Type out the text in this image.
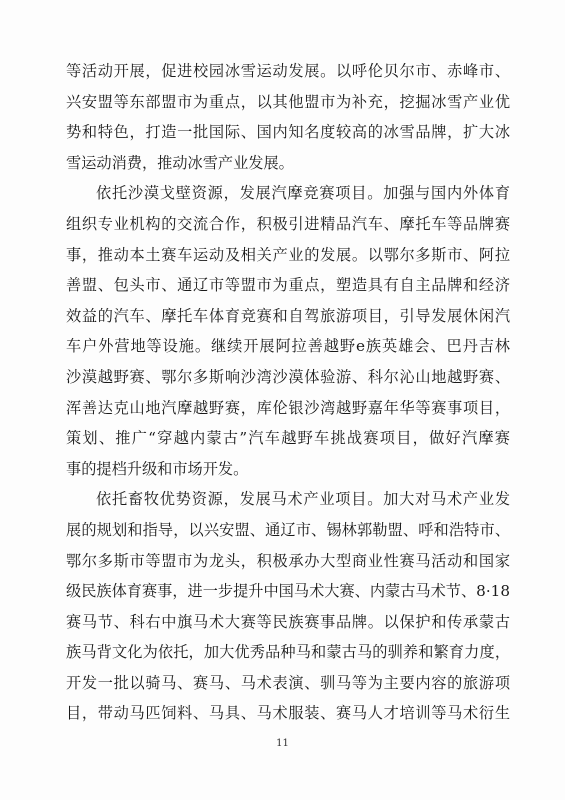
等活动开展，促进校园冰雪运动发展。以呼伦贝尔市、赤峰市、
兴安盟等东部盟市为重点，以其他盟市为补充，挖掘冰雪产业优
势和特色，打造一批国际、国内知名度较高的冰雪品牌，扩大冰
雪运动消费，推动冰雪产业发展。
依托沙漠戈壁资源，发展汽摩竞赛项目。加强与国内外体育
组织专业机构的交流合作，积极引进精品汽车、摩托车等品牌赛
事，推动本土赛车运动及相关产业的发展。以鄂尔多斯市、阿拉
善盟、包头市、通辽市等盟市为重点，塑造具有自主品牌和经济
效益的汽车、摩托车体育竞赛和自驾旅游项目，引导发展休闲汽
车户外营地等设施。继续开展阿拉善越野e族英雄会、巴丹吉林
沙漠越野赛、鄂尔多斯响沙湾沙漠体验游、科尔沁山地越野赛、
浑善达克山地汽摩越野赛，库伦银沙湾越野嘉年华等赛事项目，
策划、推广“穿越内蒙古”汽车越野车挑战赛项目，做好汽摩赛
事的提档升级和市场开发。
依托畜牧优势资源，发展马术产业项目。加大对马术产业发
展的规划和指导，以兴安盟、通辽市、锡林郭勒盟、呼和浩特市、
鄂尔多斯市等盟市为龙头，积极承办大型商业性赛马活动和国家
级民族体育赛事，进一步提升中国马术大赛、内蒙古马术节、8·18
赛马节、科右中旗马术大赛等民族赛事品牌。以保护和传承蒙古
族马背文化为依托，加大优秀品种马和蒙古马的驯养和繁育力度，
开发一批以骑马、赛马、马术表演、驯马等为主要内容的旅游项
目，带动马匹饲料、马具、马术服装、赛马人才培训等马术衍生
11
